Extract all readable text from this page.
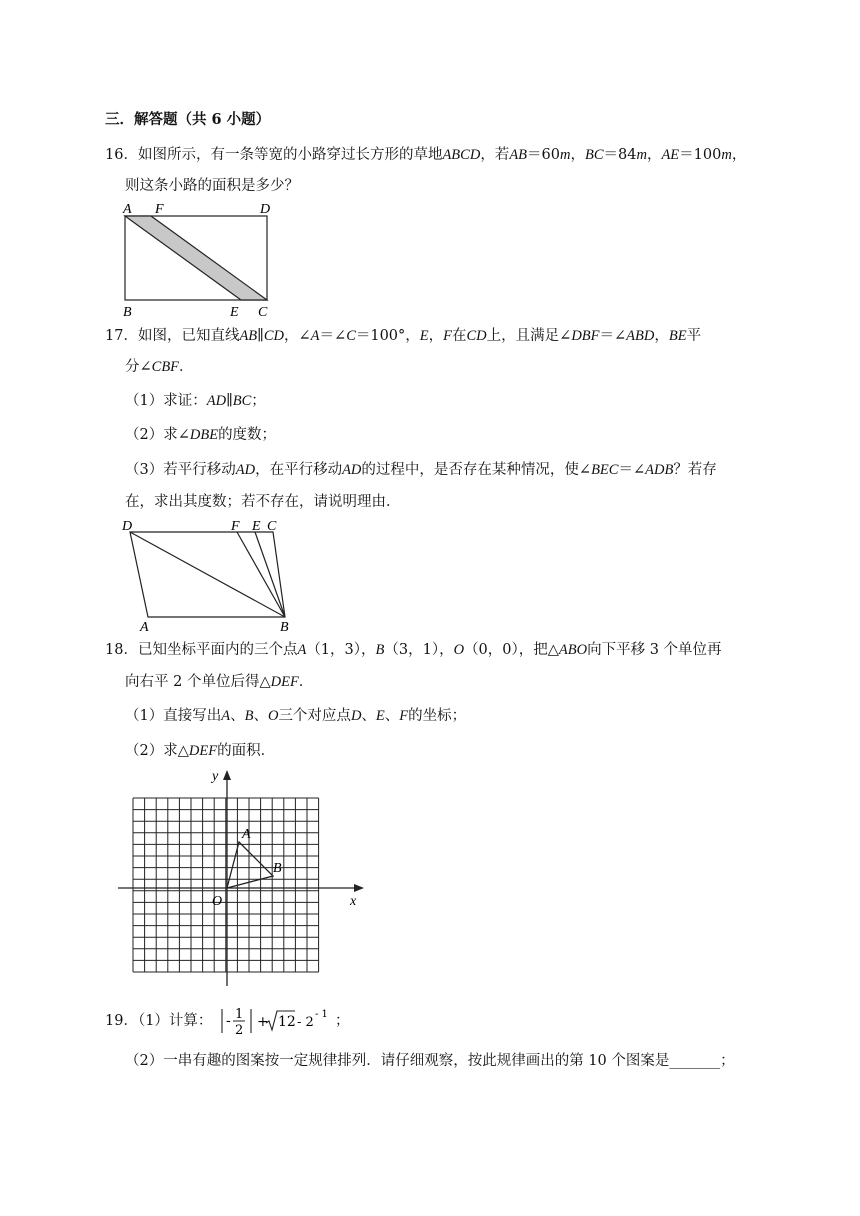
三．解答题（共 6 小题）
16．如图所示，有一条等宽的小路穿过长方形的草地ABCD，若AB＝60m，BC＝84m，AE＝100m，
则这条小路的面积是多少？
A F	D
B	E C
17．如图，已知直线AB∥CD，∠A＝∠C＝100°，E，F在CD上，且满足∠DBF＝∠ABD，BE平
分∠CBF．
（1）求证：AD∥BC；
（2）求∠DBE的度数；
（3）若平行移动AD，在平行移动AD的过程中，是否存在某种情况，使∠BEC＝∠ADB？若存
在，求出其度数；若不存在，请说明理由．
D	F E C
A	B
18．已知坐标平面内的三个点A（1，3），B（3，1），O（0，0），把△ABO向下平移 3 个单位再
向右平 2 个单位后得△DEF．
（1）直接写出A、B、O三个对应点D、E、F的坐标；
（2）求△DEF的面积．
y
x
O
A
B
19．（1）计算： - 1
2
+ 12 - 2
- 1 ；
（2）一串有趣的图案按一定规律排列．请仔细观察，按此规律画出的第 10 个图案是_______；
